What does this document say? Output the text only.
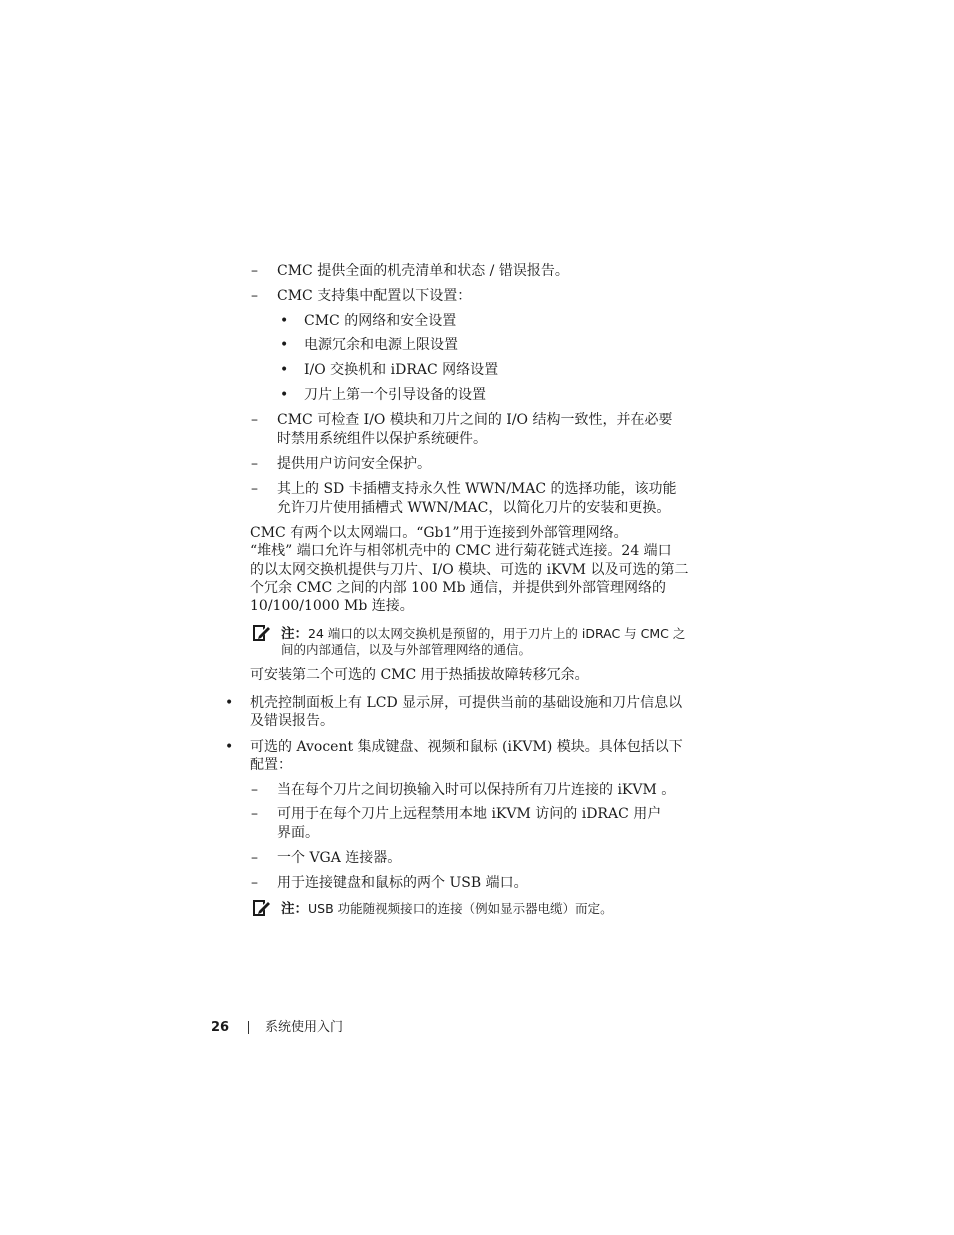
– CMC 提供全面的机壳清单和状态 / 错误报告。
– CMC 支持集中配置以下设置：
• CMC 的网络和安全设置
• 电源冗余和电源上限设置
• I/O 交换机和 iDRAC 网络设置
• 刀片上第一个引导设备的设置
– CMC 可检查 I/O 模块和刀片之间的 I/O 结构一致性，并在必要
时禁用系统组件以保护系统硬件。
– 提供用户访问安全保护。
– 其上的 SD 卡插槽支持永久性 WWN/MAC 的选择功能，该功能
允许刀片使用插槽式 WWN/MAC，以简化刀片的安装和更换。
CMC 有两个以太网端口。“Gb1”用于连接到外部管理网络。
“堆栈” 端口允许与相邻机壳中的 CMC 进行菊花链式连接。24 端口
的以太网交换机提供与刀片、I/O 模块、可选的 iKVM 以及可选的第二
个冗余 CMC 之间的内部 100 Mb 通信，并提供到外部管理网络的
10/100/1000 Mb 连接。
注：24 端口的以太网交换机是预留的，用于刀片上的 iDRAC 与 CMC 之
间的内部通信，以及与外部管理网络的通信。
可安装第二个可选的 CMC 用于热插拔故障转移冗余。
• 机壳控制面板上有 LCD 显示屏，可提供当前的基础设施和刀片信息以
及错误报告。
• 可选的 Avocent 集成键盘、视频和鼠标 (iKVM) 模块。具体包括以下
配置：
– 当在每个刀片之间切换输入时可以保持所有刀片连接的 iKVM 。
– 可用于在每个刀片上远程禁用本地 iKVM 访问的 iDRAC 用户
界面。
– 一个 VGA 连接器。
– 用于连接键盘和鼠标的两个 USB 端口。
注：USB 功能随视频接口的连接（例如显示器电缆）而定。
26	系统使用入门
